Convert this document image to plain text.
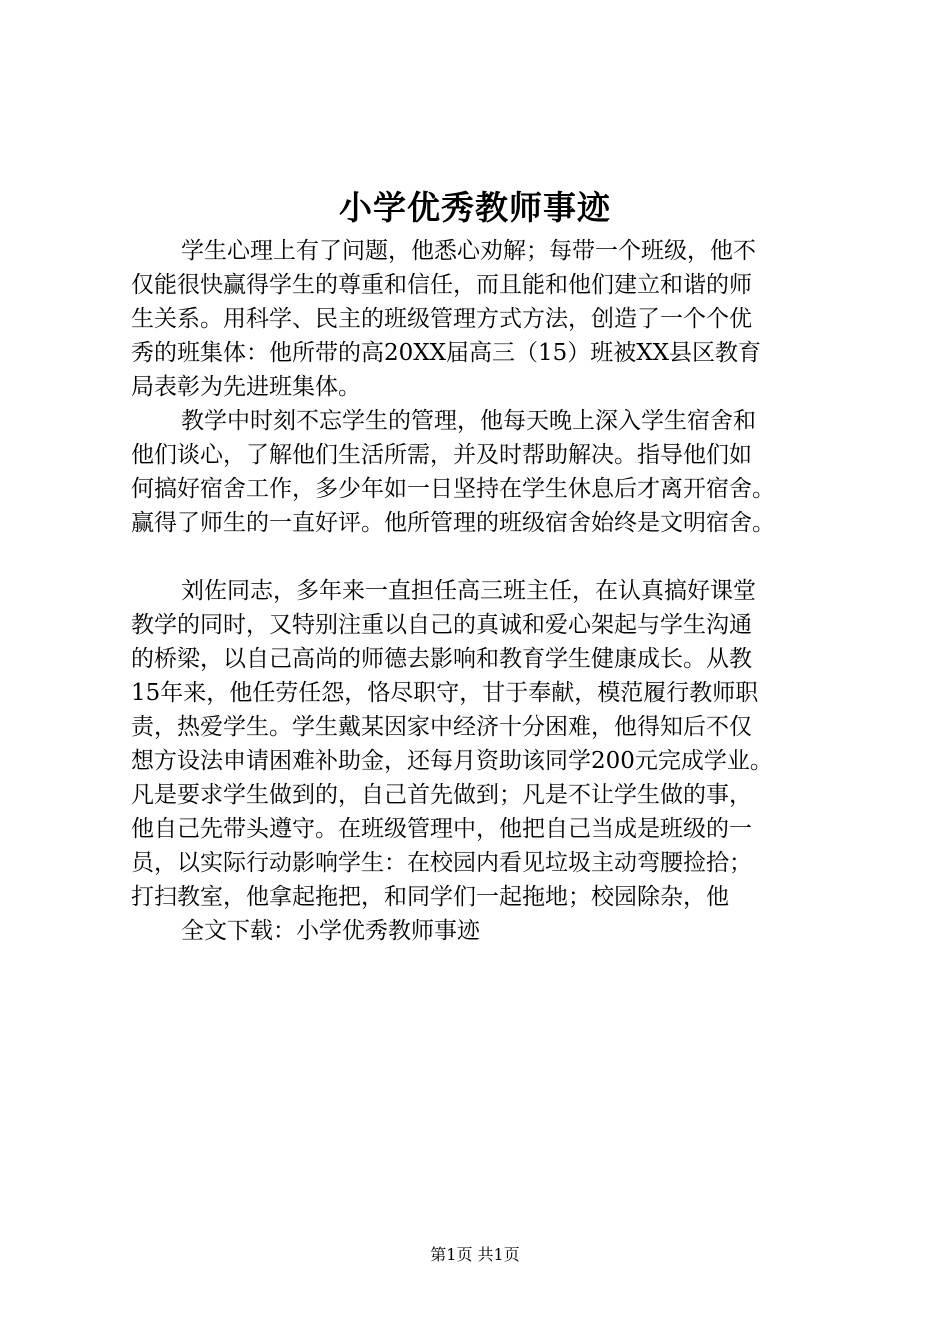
小学优秀教师事迹
学生心理上有了问题，他悉心劝解；每带一个班级，他不
仅能很快赢得学生的尊重和信任，而且能和他们建立和谐的师
生关系。用科学、民主的班级管理方式方法，创造了一个个优
秀的班集体：他所带的高20XX届高三（15）班被XX县区教育
局表彰为先进班集体。
教学中时刻不忘学生的管理，他每天晚上深入学生宿舍和
他们谈心，了解他们生活所需，并及时帮助解决。指导他们如
何搞好宿舍工作，多少年如一日坚持在学生休息后才离开宿舍。
赢得了师生的一直好评。他所管理的班级宿舍始终是文明宿舍。
刘佐同志，多年来一直担任高三班主任，在认真搞好课堂
教学的同时，又特别注重以自己的真诚和爱心架起与学生沟通
的桥梁，以自己高尚的师德去影响和教育学生健康成长。从教
15年来，他任劳任怨，恪尽职守，甘于奉献，模范履行教师职
责，热爱学生。学生戴某因家中经济十分困难，他得知后不仅
想方设法申请困难补助金，还每月资助该同学200元完成学业。
凡是要求学生做到的，自己首先做到；凡是不让学生做的事，
他自己先带头遵守。在班级管理中，他把自己当成是班级的一
员，以实际行动影响学生：在校园内看见垃圾主动弯腰捡拾；
打扫教室，他拿起拖把，和同学们一起拖地；校园除杂，他
全文下载：小学优秀教师事迹
第1页 共1页
